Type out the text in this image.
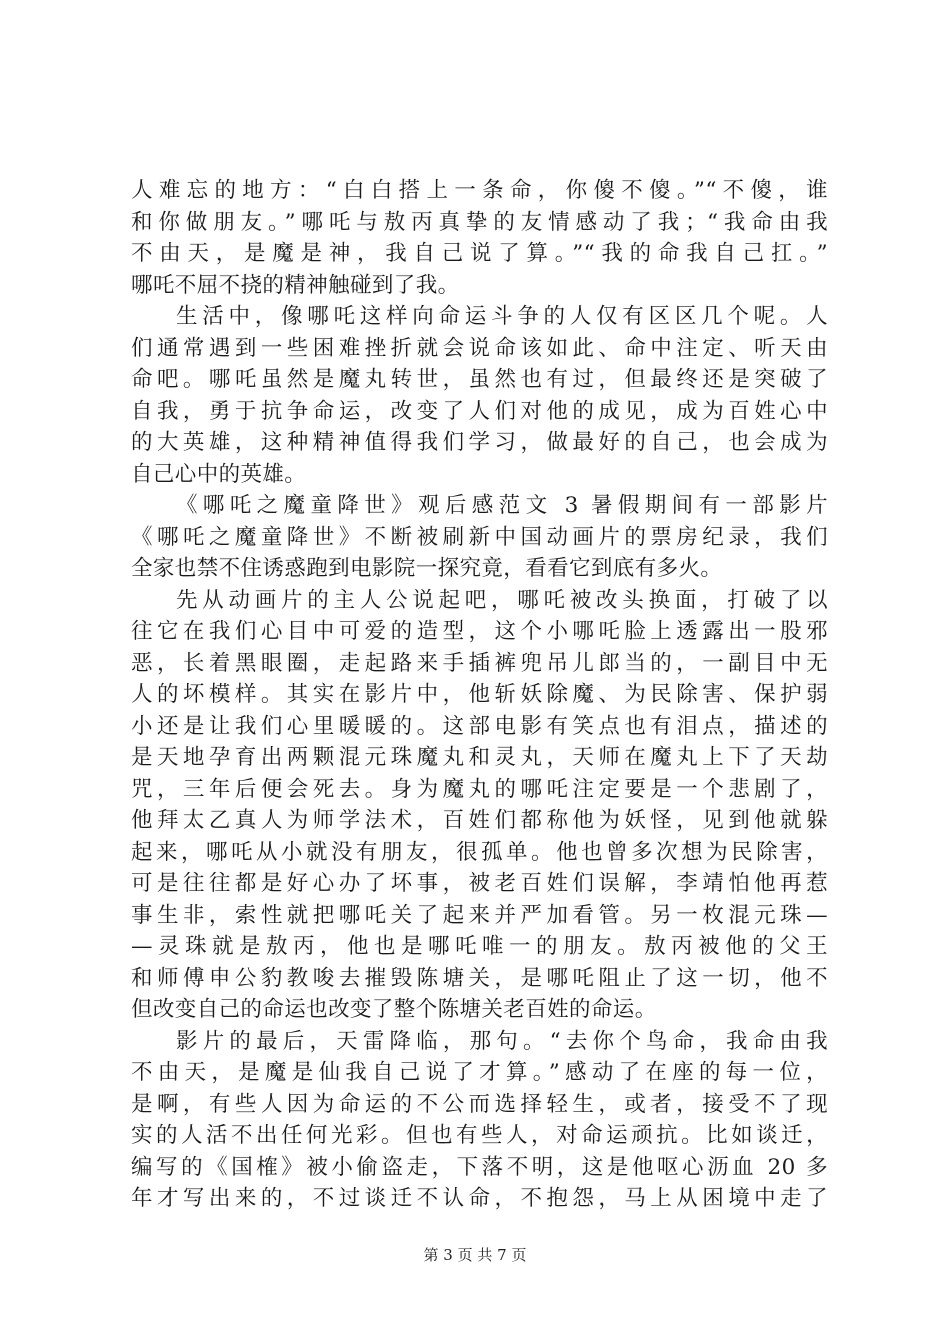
人难忘的地方：“白白搭上一条命，你傻不傻。”“不傻，谁
和你做朋友。”哪吒与敖丙真挚的友情感动了我；“我命由我
不由天，是魔是神，我自己说了算。”“我的命我自己扛。”
哪吒不屈不挠的精神触碰到了我。
生活中，像哪吒这样向命运斗争的人仅有区区几个呢。人
们通常遇到一些困难挫折就会说命该如此、命中注定、听天由
命吧。哪吒虽然是魔丸转世，虽然也有过，但最终还是突破了
自我，勇于抗争命运，改变了人们对他的成见，成为百姓心中
的大英雄，这种精神值得我们学习，做最好的自己，也会成为
自己心中的英雄。
《哪吒之魔童降世》观后感范文 3 暑假期间有一部影片
《哪吒之魔童降世》不断被刷新中国动画片的票房纪录，我们
全家也禁不住诱惑跑到电影院一探究竟，看看它到底有多火。
先从动画片的主人公说起吧，哪吒被改头换面，打破了以
往它在我们心目中可爱的造型，这个小哪吒脸上透露出一股邪
恶，长着黑眼圈，走起路来手插裤兜吊儿郎当的，一副目中无
人的坏模样。其实在影片中，他斩妖除魔、为民除害、保护弱
小还是让我们心里暖暖的。这部电影有笑点也有泪点，描述的
是天地孕育出两颗混元珠魔丸和灵丸，天师在魔丸上下了天劫
咒，三年后便会死去。身为魔丸的哪吒注定要是一个悲剧了，
他拜太乙真人为师学法术，百姓们都称他为妖怪，见到他就躲
起来，哪吒从小就没有朋友，很孤单。他也曾多次想为民除害，
可是往往都是好心办了坏事，被老百姓们误解，李靖怕他再惹
事生非，索性就把哪吒关了起来并严加看管。另一枚混元珠—
—灵珠就是敖丙，他也是哪吒唯一的朋友。敖丙被他的父王
和师傅申公豹教唆去摧毁陈塘关，是哪吒阻止了这一切，他不
但改变自己的命运也改变了整个陈塘关老百姓的命运。
影片的最后，天雷降临，那句。“去你个鸟命，我命由我
不由天，是魔是仙我自己说了才算。”感动了在座的每一位，
是啊，有些人因为命运的不公而选择轻生，或者，接受不了现
实的人活不出任何光彩。但也有些人，对命运顽抗。比如谈迁，
编写的《国榷》被小偷盗走，下落不明，这是他呕心沥血 20 多
年才写出来的，不过谈迁不认命，不抱怨，马上从困境中走了
第 3 页 共 7 页
